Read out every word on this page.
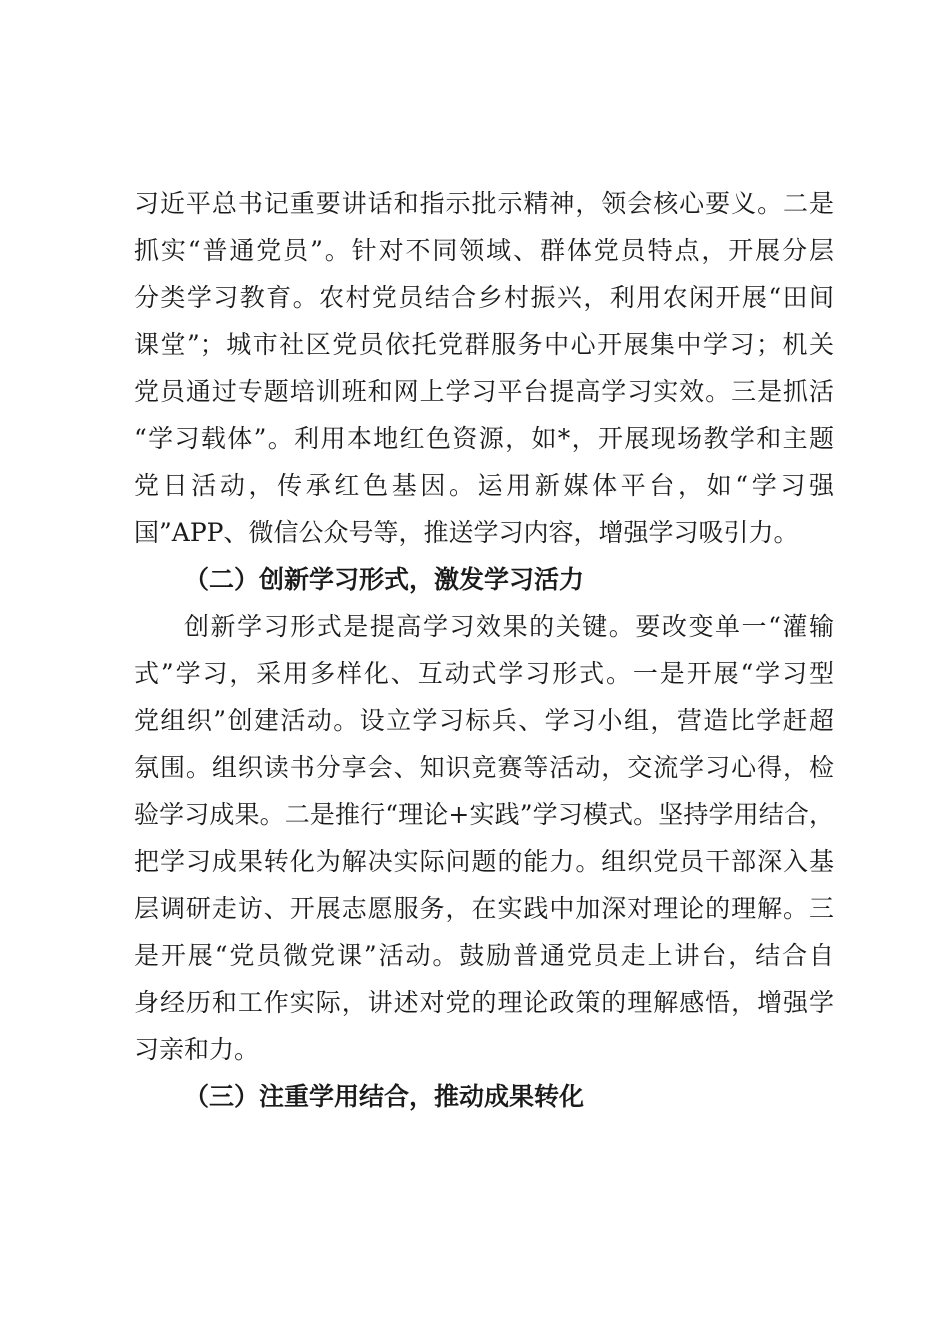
习近平总书记重要讲话和指示批示精神，领会核心要义。二是
抓实“普通党员”。针对不同领域、群体党员特点，开展分层
分类学习教育。农村党员结合乡村振兴，利用农闲开展“田间
课堂”；城市社区党员依托党群服务中心开展集中学习；机关
党员通过专题培训班和网上学习平台提高学习实效。三是抓活
“学习载体”。利用本地红色资源，如*，开展现场教学和主题
党日活动，传承红色基因。运用新媒体平台，如“学习强
国”APP、微信公众号等，推送学习内容，增强学习吸引力。
（二）创新学习形式，激发学习活力
创新学习形式是提高学习效果的关键。要改变单一“灌输
式”学习，采用多样化、互动式学习形式。一是开展“学习型
党组织”创建活动。设立学习标兵、学习小组，营造比学赶超
氛围。组织读书分享会、知识竞赛等活动，交流学习心得，检
验学习成果。二是推行“理论+实践”学习模式。坚持学用结合，
把学习成果转化为解决实际问题的能力。组织党员干部深入基
层调研走访、开展志愿服务，在实践中加深对理论的理解。三
是开展“党员微党课”活动。鼓励普通党员走上讲台，结合自
身经历和工作实际，讲述对党的理论政策的理解感悟，增强学
习亲和力。
（三）注重学用结合，推动成果转化
